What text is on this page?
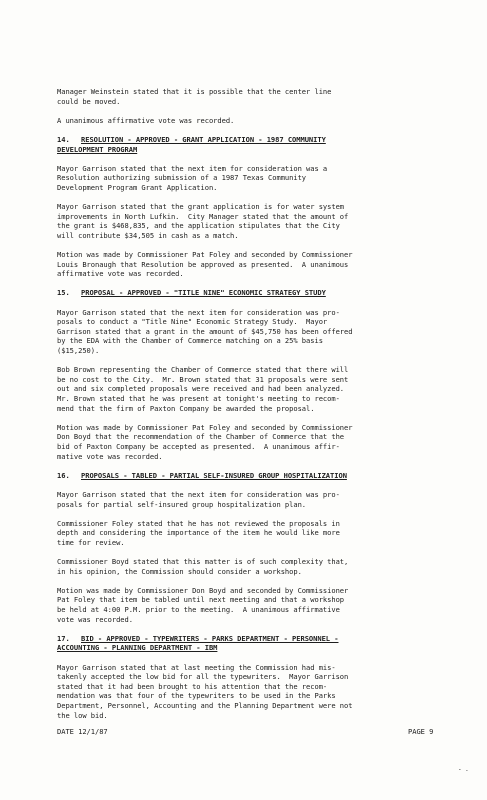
Manager Weinstein stated that it is possible that the center line
could be moved.

A unanimous affirmative vote was recorded.

14. RESOLUTION - APPROVED - GRANT APPLICATION - 1987 COMMUNITY
DEVELOPMENT PROGRAM

Mayor Garrison stated that the next item for consideration was a
Resolution authorizing submission of a 1987 Texas Community
Development Program Grant Application.

Mayor Garrison stated that the grant application is for water system
improvements in North Lufkin.  City Manager stated that the amount of
the grant is $468,835, and the application stipulates that the City
will contribute $34,505 in cash as a match.

Motion was made by Commissioner Pat Foley and seconded by Commissioner
Louis Bronaugh that Resolution be approved as presented.  A unanimous
affirmative vote was recorded.

15. PROPOSAL - APPROVED - "TITLE NINE" ECONOMIC STRATEGY STUDY

Mayor Garrison stated that the next item for consideration was pro-
posals to conduct a "Title Nine" Economic Strategy Study.  Mayor
Garrison stated that a grant in the amount of $45,750 has been offered
by the EDA with the Chamber of Commerce matching on a 25% basis
($15,250).

Bob Brown representing the Chamber of Commerce stated that there will
be no cost to the City.  Mr. Brown stated that 31 proposals were sent
out and six completed proposals were received and had been analyzed.
Mr. Brown stated that he was present at tonight's meeting to recom-
mend that the firm of Paxton Company be awarded the proposal.

Motion was made by Commissioner Pat Foley and seconded by Commissioner
Don Boyd that the recommendation of the Chamber of Commerce that the
bid of Paxton Company be accepted as presented.  A unanimous affir-
mative vote was recorded.

16. PROPOSALS - TABLED - PARTIAL SELF-INSURED GROUP HOSPITALIZATION

Mayor Garrison stated that the next item for consideration was pro-
posals for partial self-insured group hospitalization plan.

Commissioner Foley stated that he has not reviewed the proposals in
depth and considering the importance of the item he would like more
time for review.

Commissioner Boyd stated that this matter is of such complexity that,
in his opinion, the Commission should consider a workshop.

Motion was made by Commissioner Don Boyd and seconded by Commissioner
Pat Foley that item be tabled until next meeting and that a workshop
be held at 4:00 P.M. prior to the meeting.  A unanimous affirmative
vote was recorded.

17. BID - APPROVED - TYPEWRITERS - PARKS DEPARTMENT - PERSONNEL -
ACCOUNTING - PLANNING DEPARTMENT - IBM

Mayor Garrison stated that at last meeting the Commission had mis-
takenly accepted the low bid for all the typewriters.  Mayor Garrison
stated that it had been brought to his attention that the recom-
mendation was that four of the typewriters to be used in the Parks
Department, Personnel, Accounting and the Planning Department were not
the low bid.

DATE 12/1/87	PAGE 9
- .
